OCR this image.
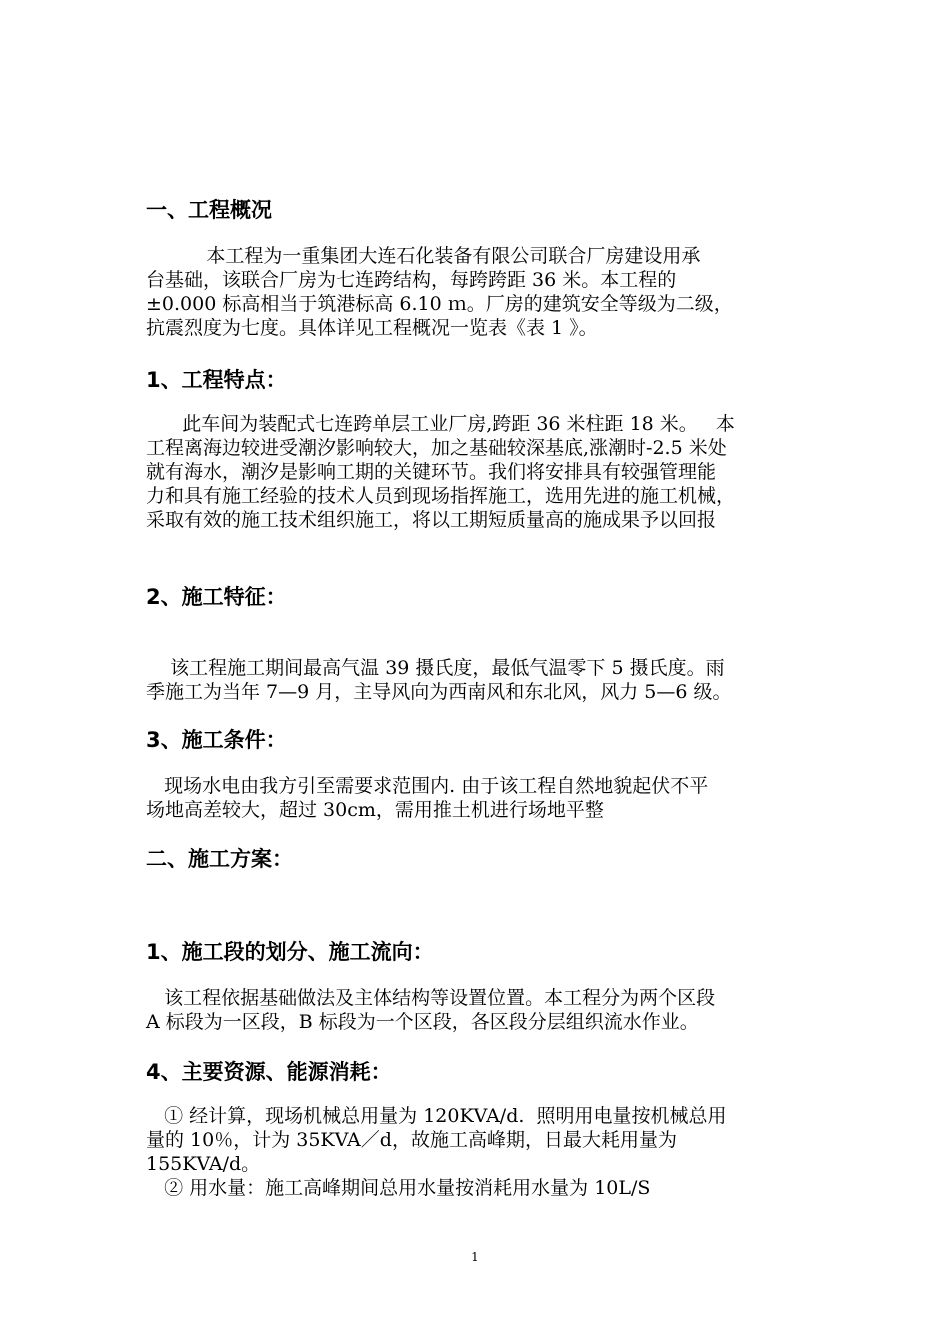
一、工程概况

本工程为一重集团大连石化装备有限公司联合厂房建设用承
台基础，该联合厂房为七连跨结构，每跨跨距 36 米。本工程的
±0.000 标高相当于筑港标高 6.10 ｍ。厂房的建筑安全等级为二级，
抗震烈度为七度。具体详见工程概况一览表《表 1 》。

1、工程特点：

此车间为装配式七连跨单层工业厂房,跨距 36 米柱距 18 米。   本
工程离海边较进受潮汐影响较大，加之基础较深基底,涨潮时-2.5 米处
就有海水，潮汐是影响工期的关键环节。我们将安排具有较强管理能
力和具有施工经验的技术人员到现场指挥施工，选用先进的施工机械，
采取有效的施工技术组织施工，将以工期短质量高的施成果予以回报

2、施工特征：

该工程施工期间最高气温 39 摄氏度，最低气温零下 5 摄氏度。雨
季施工为当年 7—9 月，主导风向为西南风和东北风，风力 5—6 级。

3、施工条件：

现场水电由我方引至需要求范围内. 由于该工程自然地貌起伏不平
场地高差较大，超过 30cm，需用推土机进行场地平整

二、施工方案：
1、施工段的划分、施工流向：

该工程依据基础做法及主体结构等设置位置。本工程分为两个区段
A 标段为一区段，B 标段为一个区段，各区段分层组织流水作业。

4、主要资源、能源消耗：

① 经计算，现场机械总用量为 120KVA/d.  照明用电量按机械总用
量的 10％，计为 35KVA／d，故施工高峰期，日最大耗用量为
155KVA/d。
② 用水量：施工高峰期间总用水量按消耗用水量为 10L/S

1
